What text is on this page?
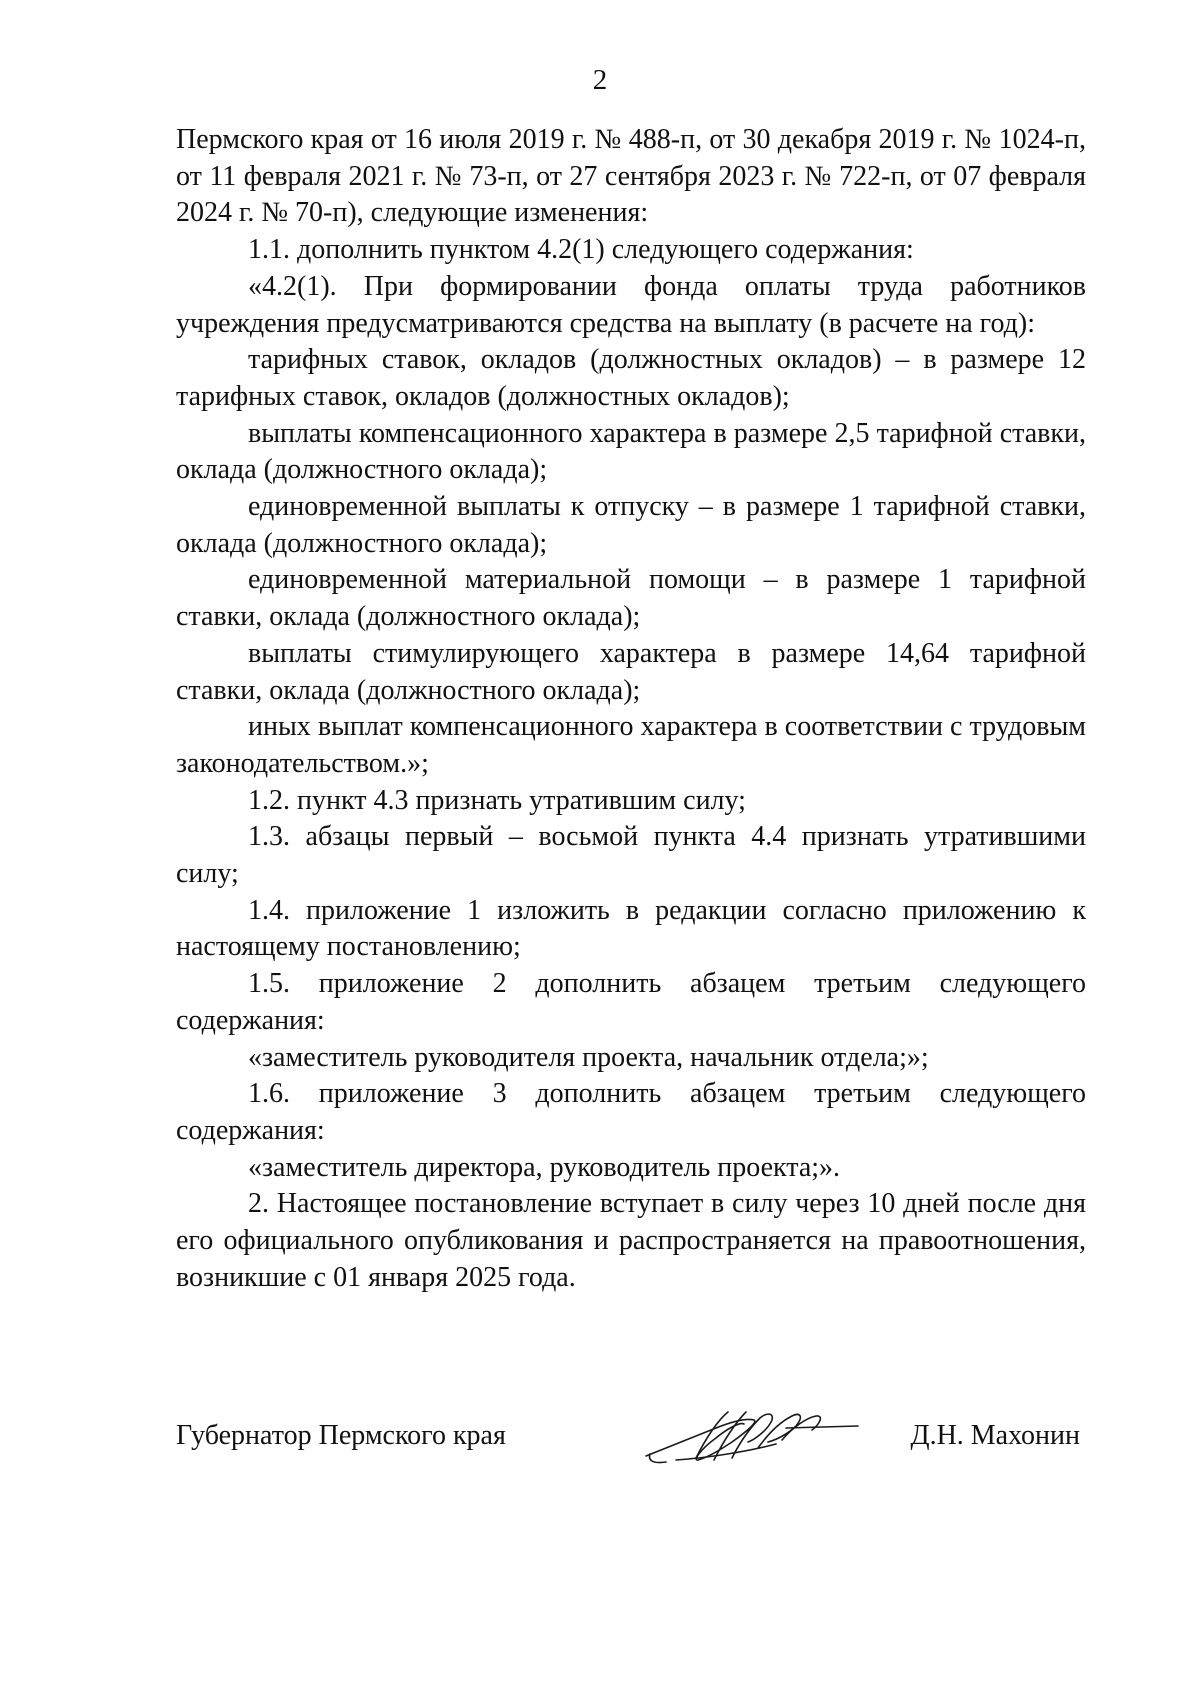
2

Пермского края от 16 июля 2019 г. № 488-п, от 30 декабря 2019 г. № 1024-п, от 11 февраля 2021 г. № 73-п, от 27 сентября 2023 г. № 722-п, от 07 февраля 2024 г. № 70-п), следующие изменения:

1.1. дополнить пунктом 4.2(1) следующего содержания:

«4.2(1). При формировании фонда оплаты труда работников учреждения предусматриваются средства на выплату (в расчете на год):

тарифных ставок, окладов (должностных окладов) – в размере 12 тарифных ставок, окладов (должностных окладов);

выплаты компенсационного характера в размере 2,5 тарифной ставки, оклада (должностного оклада);

единовременной выплаты к отпуску – в размере 1 тарифной ставки, оклада (должностного оклада);

единовременной материальной помощи – в размере 1 тарифной ставки, оклада (должностного оклада);

выплаты стимулирующего характера в размере 14,64 тарифной ставки, оклада (должностного оклада);

иных выплат компенсационного характера в соответствии с трудовым законодательством.»;

1.2. пункт 4.3 признать утратившим силу;

1.3. абзацы первый – восьмой пункта 4.4 признать утратившими силу;

1.4. приложение 1 изложить в редакции согласно приложению к настоящему постановлению;

1.5. приложение 2 дополнить абзацем третьим следующего содержания:

«заместитель руководителя проекта, начальник отдела;»;

1.6. приложение 3 дополнить абзацем третьим следующего содержания:

«заместитель директора, руководитель проекта;».

2. Настоящее постановление вступает в силу через 10 дней после дня его официального опубликования и распространяется на правоотношения, возникшие с 01 января 2025 года.

Губернатор Пермского края	Д.Н. Махонин
